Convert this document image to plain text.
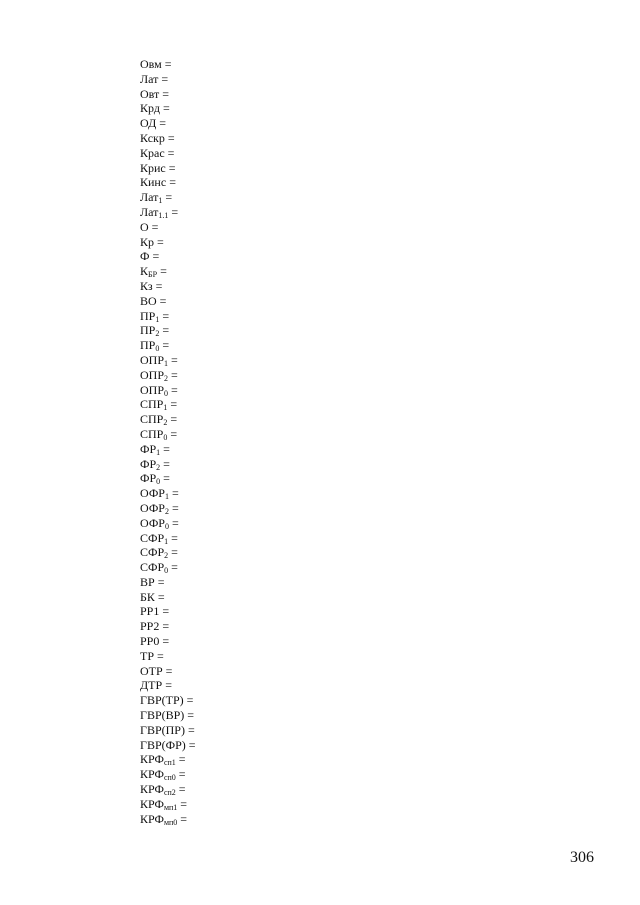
Овм =
Лат =
Овт =
Крд =
ОД =
Кскр =
Крас =
Крис =
Кинс =
Лат$_1$ =
Лат$_{1.1}$ =
О =
Кр =
Ф =
$К_{БР}$ =
Кз =
ВО =
$ПР_1$ =
$ПР_2$ =
$ПР_0$ =
$ОПР_1$ =
$ОПР_2$ =
$ОПР_0$ =
$СПР_1$ =
$СПР_2$ =
$СПР_0$ =
$ФР_1$ =
$ФР_2$ =
$ФР_0$ =
$ОФР_1$ =
$ОФР_2$ =
$ОФР_0$ =
$СФР_1$ =
$СФР_2$ =
$СФР_0$ =
ВР =
БК =
РР1 =
РР2 =
РР0 =
ТР =
ОТР =
ДТР =
ГВР(ТР) =
ГВР(ВР) =
ГВР(ПР) =
ГВР(ФР) =
$КРФ_{сп1}$ =
$КРФ_{сп0}$ =
$КРФ_{сп2}$ =
$КРФ_{мп1}$ =
$КРФ_{мп0}$ =
306
